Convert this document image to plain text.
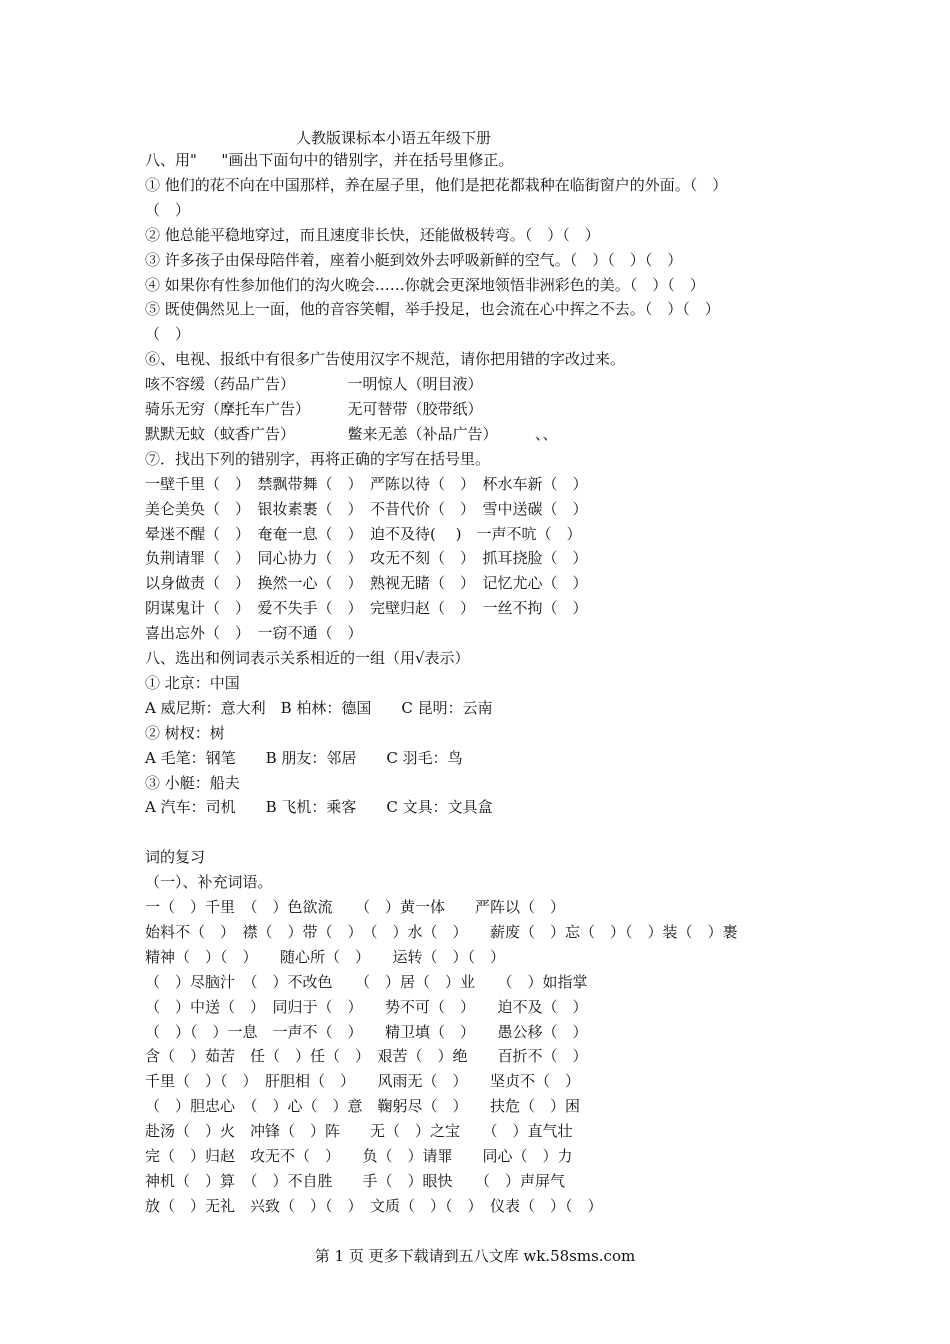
人教版课标本小语五年级下册
八、用"　  "画出下面句中的错别字，并在括号里修正。
① 他们的花不向在中国那样，养在屋子里，他们是把花都栽种在临街窗户的外面。（　）
（　）
② 他总能平稳地穿过，而且速度非长快，还能做极转弯。（　）（　）
③ 许多孩子由保母陪伴着，座着小艇到效外去呼吸新鲜的空气。（　）（　）（　）
④ 如果你有性参加他们的沟火晚会……你就会更深地领悟非洲彩色的美。（　）（　）
⑤ 既使偶然见上一面，他的音容笑帽，举手投足，也会流在心中挥之不去。（　）（　）
（　）
⑥、电视、报纸中有很多广告使用汉字不规范，请你把用错的字改过来。
咳不容缓（药品广告）　　　　一明惊人（明目液）
骑乐无穷（摩托车广告）　　　无可替带（胶带纸）
默默无蚊（蚊香广告）　　　　鳖来无恙（补品广告）　　　、、
⑦．找出下列的错别字，再将正确的字写在括号里。
一壁千里（　）　禁飘带舞（　）　严陈以待（　）　杯水车新（　）
美仑美奂（　）　银妆素裹（　）　不昔代价（　）　雪中送碳（　）
晕迷不醒（　）　奄奄一息（　）　迫不及待(　 )　一声不吭（　）
负荆请罪（　）　同心协力（　）　攻无不刻（　）　抓耳挠脸（　）
以身做责（　）　换然一心（　）　熟视无睹（　）　记忆尤心（　）
阴谋鬼计（　）　爱不失手（　）　完壁归赵（　）　一丝不拘（　）
喜出忘外（　）　一窃不通（　）
八、选出和例词表示关系相近的一组（用√表示）
① 北京：中国
A 威尼斯：意大利　B 柏林：德国　　C 昆明：云南
② 树杈：树
A 毛笔：钢笔　　B 朋友：邻居　　C 羽毛：鸟
③ 小艇：船夫
A 汽车：司机　　B 飞机：乘客　　C 文具：文具盒
词的复习
（一）、补充词语。
一（　）千里　（　）色欲流　　（　）黄一体　　严阵以（　）
始料不（　）　襟（　）带（　）　（　）水（　）　　薪废（　）忘（　）（　）装（　）裹
精神（　）（　）　　随心所（　）　　运转（　）（　）
（　）尽脑汁　（　）不改色　　（　）居（　）业　　（　）如指掌
（　）中送（　）　同归于（　）　　势不可（　）　　迫不及（　）
（　）（　）一息　一声不（　）　　精卫填（　）　　愚公移（　）
含（　）茹苦　任（　）任（　）　艰苦（　）绝　　百折不（　）
千里（　）（　）　肝胆相（　）　　风雨无（　）　　坚贞不（　）
（　）胆忠心　（　）心（　）意　鞠躬尽（　）　　扶危（　）困
赴汤（　）火　冲锋（　）阵　　无（　）之宝　　（　）直气壮
完（　）归赵　攻无不（　）　　负（　）请罪　　同心（　）力
神机（　）算　（　）不自胜　　手（　）眼快　　（　）声屏气
放（　）无礼　兴致（　）（　）　文质（　）（　）　仪表（　）（　）
第 1 页 更多下载请到五八文库 wk.58sms.com
